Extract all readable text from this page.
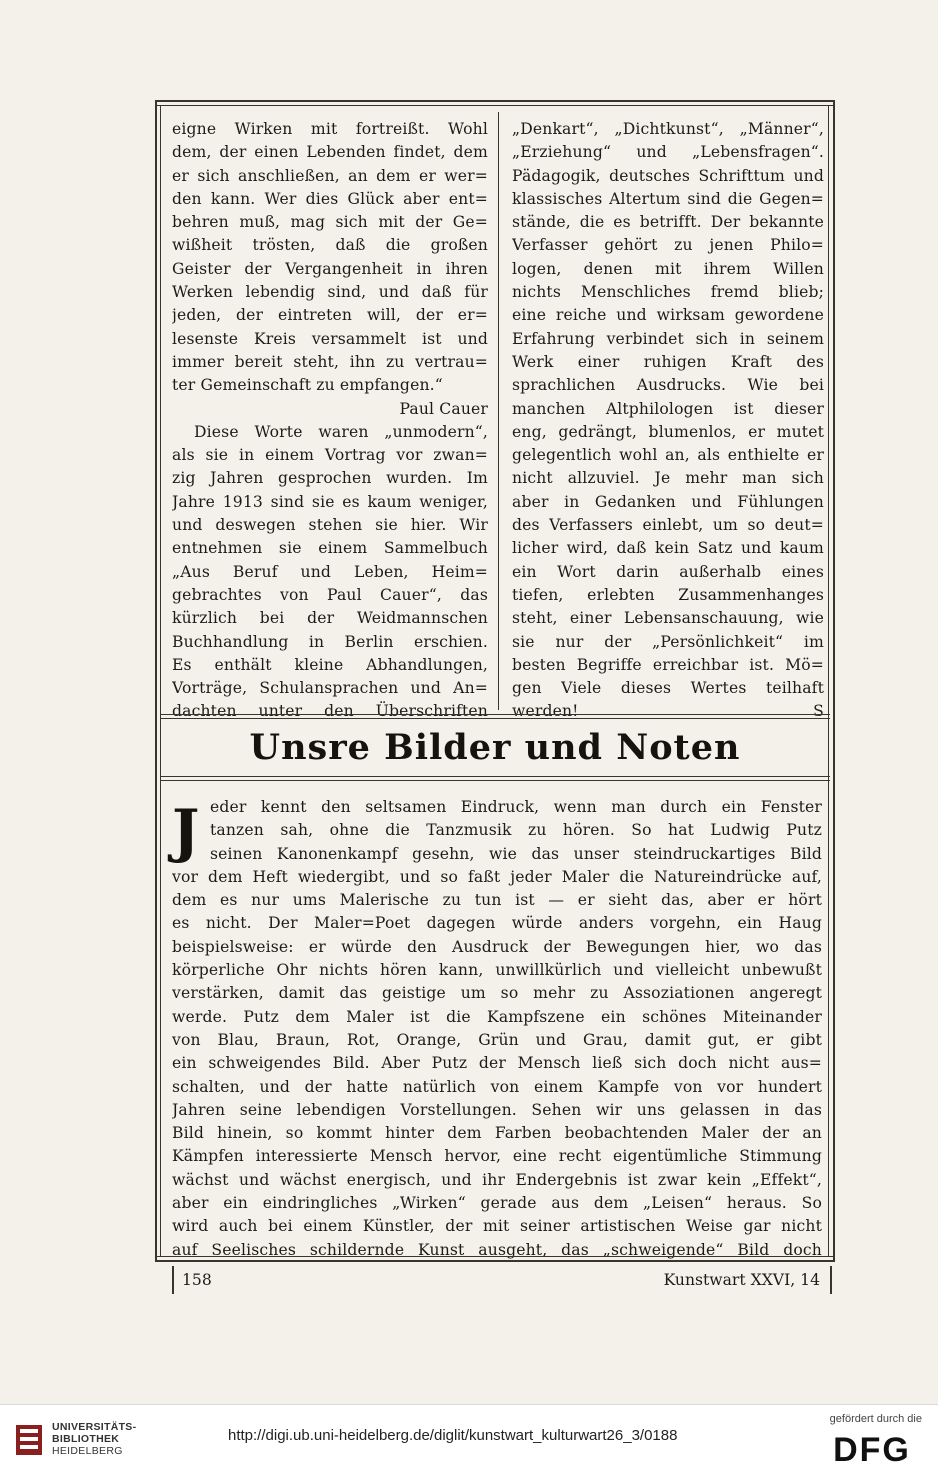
eigne Wirken mit fortreißt. Wohl
dem, der einen Lebenden findet, dem
er sich anschließen, an dem er wer=
den kann. Wer dies Glück aber ent=
behren muß, mag sich mit der Ge=
wißheit trösten, daß die großen
Geister der Vergangenheit in ihren
Werken lebendig sind, und daß für
jeden, der eintreten will, der er=
lesenste Kreis versammelt ist und
immer bereit steht, ihn zu vertrau=
ter Gemeinschaft zu empfangen.“
Paul Cauer
Diese Worte waren „unmodern“,
als sie in einem Vortrag vor zwan=
zig Jahren gesprochen wurden. Im
Jahre 1913 sind sie es kaum weniger,
und deswegen stehen sie hier. Wir
entnehmen sie einem Sammelbuch
„Aus Beruf und Leben, Heim=
gebrachtes von Paul Cauer“, das
kürzlich bei der Weidmannschen
Buchhandlung in Berlin erschien.
Es enthält kleine Abhandlungen,
Vorträge, Schulansprachen und An=
dachten unter den Überschriften
„Denkart“, „Dichtkunst“, „Männer“,
„Erziehung“ und „Lebensfragen“.
Pädagogik, deutsches Schrifttum und
klassisches Altertum sind die Gegen=
stände, die es betrifft. Der bekannte
Verfasser gehört zu jenen Philo=
logen, denen mit ihrem Willen
nichts Menschliches fremd blieb;
eine reiche und wirksam gewordene
Erfahrung verbindet sich in seinem
Werk einer ruhigen Kraft des
sprachlichen Ausdrucks. Wie bei
manchen Altphilologen ist dieser
eng, gedrängt, blumenlos, er mutet
gelegentlich wohl an, als enthielte er
nicht allzuviel. Je mehr man sich
aber in Gedanken und Fühlungen
des Verfassers einlebt, um so deut=
licher wird, daß kein Satz und kaum
ein Wort darin außerhalb eines
tiefen, erlebten Zusammenhanges
steht, einer Lebensanschauung, wie
sie nur der „Persönlichkeit“ im
besten Begriffe erreichbar ist. Mö=
gen Viele dieses Wertes teilhaft
werden!	S
Unsre Bilder und Noten
J eder kennt den seltsamen Eindruck, wenn man durch ein Fenster
tanzen sah, ohne die Tanzmusik zu hören. So hat Ludwig Putz
seinen Kanonenkampf gesehn, wie das unser steindruckartiges Bild
vor dem Heft wiedergibt, und so faßt jeder Maler die Natureindrücke auf,
dem es nur ums Malerische zu tun ist — er sieht das, aber er hört
es nicht. Der Maler=Poet dagegen würde anders vorgehn, ein Haug
beispielsweise: er würde den Ausdruck der Bewegungen hier, wo das
körperliche Ohr nichts hören kann, unwillkürlich und vielleicht unbewußt
verstärken, damit das geistige um so mehr zu Assoziationen angeregt
werde. Putz dem Maler ist die Kampfszene ein schönes Miteinander
von Blau, Braun, Rot, Orange, Grün und Grau, damit gut, er gibt
ein schweigendes Bild. Aber Putz der Mensch ließ sich doch nicht aus=
schalten, und der hatte natürlich von einem Kampfe von vor hundert
Jahren seine lebendigen Vorstellungen. Sehen wir uns gelassen in das
Bild hinein, so kommt hinter dem Farben beobachtenden Maler der an
Kämpfen interessierte Mensch hervor, eine recht eigentümliche Stimmung
wächst und wächst energisch, und ihr Endergebnis ist zwar kein „Effekt“,
aber ein eindringliches „Wirken“ gerade aus dem „Leisen“ heraus. So
wird auch bei einem Künstler, der mit seiner artistischen Weise gar nicht
auf Seelisches schildernde Kunst ausgeht, das „schweigende“ Bild doch
158	Kunstwart XXVI, 14
UNIVERSITÄTS-
BIBLIOTHEK
HEIDELBERG
http://digi.ub.uni-heidelberg.de/diglit/kunstwart_kulturwart26_3/0188
gefördert durch die
DFG
